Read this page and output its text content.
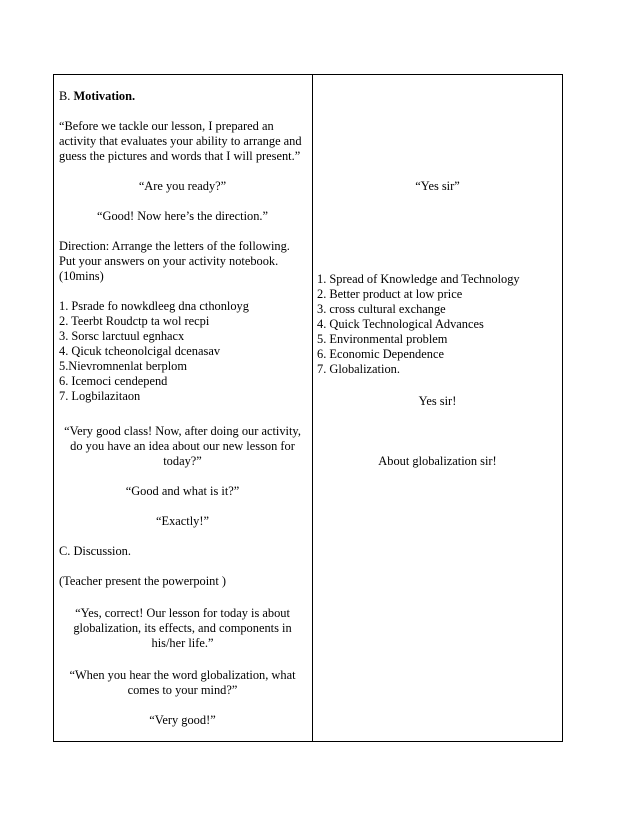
B. Motivation.
“Before we tackle our lesson, I prepared an
activity that evaluates your ability to arrange and
guess the pictures and words that I will present.”
“Are you ready?”
“Good! Now here’s the direction.”
Direction: Arrange the letters of the following.
Put your answers on your activity notebook.
(10mins)
1. Psrade fo nowkdleeg dna cthonloyg
2. Teerbt Roudctp ta wol recpi
3. Sorsc larctuul egnhacx
4. Qicuk tcheonolcigal dcenasav
5.Nievromnenlat berplom
6. Icemoci cendepend
7. Logbilazitaon
“Very good class! Now, after doing our activity,
do you have an idea about our new lesson for
today?”
“Good and what is it?”
“Exactly!”
C. Discussion.
(Teacher present the powerpoint )
“Yes, correct! Our lesson for today is about
globalization, its effects, and components in
his/her life.”
“When you hear the word globalization, what
comes to your mind?”
“Very good!”
“Yes sir”
1. Spread of Knowledge and Technology
2. Better product at low price
3. cross cultural exchange
4. Quick Technological Advances
5. Environmental problem
6. Economic Dependence
7. Globalization.
Yes sir!
About globalization sir!
